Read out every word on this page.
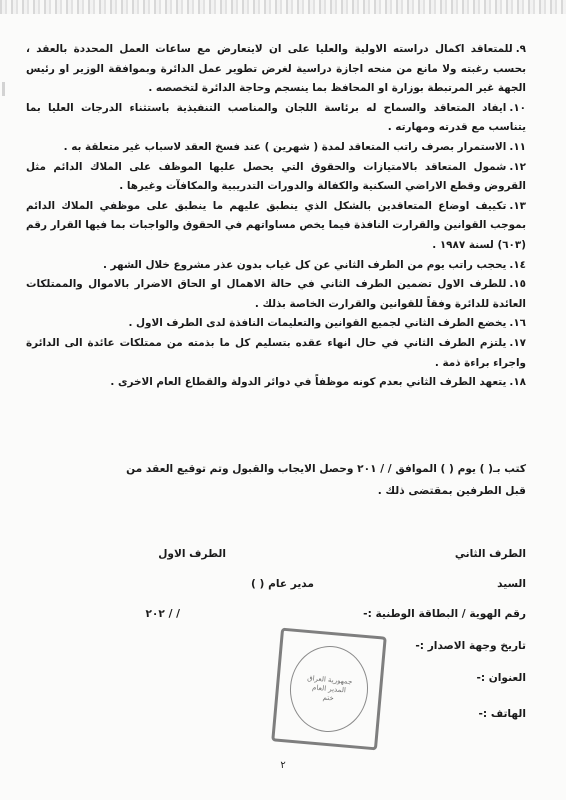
٩.للمتعاقد اكمال دراسته الاولية والعليا على ان لايتعارض مع ساعات العمل المحددة بالعقد ، بحسب رغبته ولا مانع من منحه اجازة دراسية لغرض تطوير عمل الدائرة وبموافقة الوزير او رئيس الجهة غير المرتبطة بوزارة او المحافظ بما ينسجم وحاجة الدائرة لتخصصه .

١٠.ايفاد المتعاقد والسماح له برئاسة اللجان والمناصب التنفيذية باستثناء الدرجات العليا بما يتناسب مع قدرته ومهارته .

١١.الاستمرار بصرف راتب المتعاقد لمدة ( شهرين ) عند فسخ العقد لاسباب غير متعلقة به .

١٢.شمول المتعاقد بالامتيازات والحقوق التي يحصل عليها الموظف على الملاك الدائم مثل القروض وقطع الاراضي السكنية والكفالة والدورات التدريبية والمكافآت وغيرها .

١٣.تكييف اوضاع المتعاقدين بالشكل الذي ينطبق عليهم ما ينطبق على موظفي الملاك الدائم بموجب القوانين والقرارت النافذة فيما يخص مساواتهم في الحقوق والواجبات بما فيها القرار رقم (٦٠٣) لسنة ١٩٨٧ .

١٤.يحجب راتب يوم من الطرف الثاني عن كل غياب بدون عذر مشروع خلال الشهر .

١٥.للطرف الاول تضمين الطرف الثاني في حالة الاهمال او الحاق الاضرار بالاموال والممتلكات العائدة للدائرة وفقاً للقوانين والقرارت الخاصة بذلك .

١٦.يخضع الطرف الثاني لجميع القوانين والتعليمات النافذة لدى الطرف الاول .

١٧.يلتزم الطرف الثاني في حال انهاء عقده بتسليم كل ما بذمته من ممتلكات عائدة الى الدائرة واجراء براءة ذمة .

١٨.يتعهد الطرف الثاني بعدم كونه موظفاً في دوائر الدولة والقطاع العام الاخرى .

كتب بـ( ) يوم ( ) الموافق / / ٢٠١ وحصل الايجاب والقبول وتم توقيع العقد من
قبل الطرفين بمقتضى ذلك .
الطرف الثاني
الطرف الاول
السيد
مدير عام ( )
رقم الهوية / البطاقة الوطنية :-
/ / ٢٠٢
تاريخ وجهة الاصدار :-
العنوان :-
الهاتف :-
جمهورية العراق
المدير العام
ختم
٢
